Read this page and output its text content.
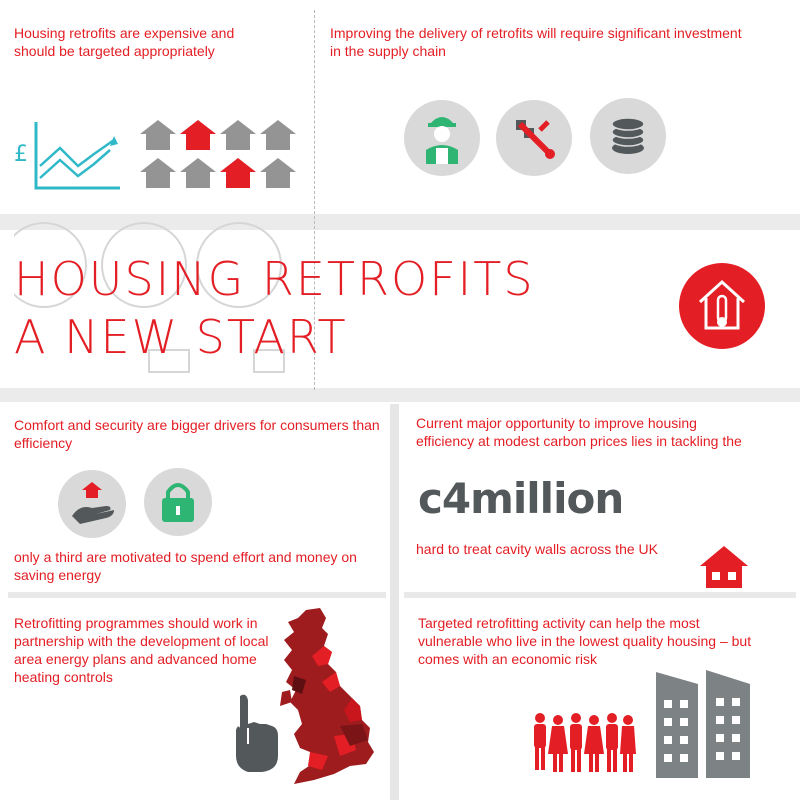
Housing retrofits are expensive and should be targeted appropriately
£
Improving the delivery of retrofits will require significant investment in the supply chain
HOUSING RETROFITS
A NEW START
Comfort and security are bigger drivers for consumers than efficiency
only a third are motivated to spend effort and money on saving energy
Current major opportunity to improve housing efficiency at modest carbon prices lies in tackling the
c4million
hard to treat cavity walls across the UK
Retrofitting programmes should work in partnership with the development of local area energy plans and advanced home heating controls
Targeted retrofitting activity can help the most vulnerable who live in the lowest quality housing – but comes with an economic risk
